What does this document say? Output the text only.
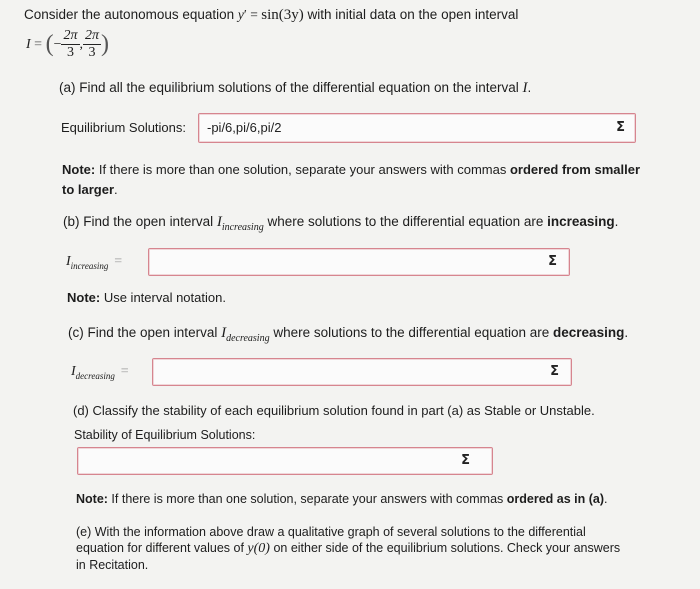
Consider the autonomous equation y′ = sin(3y) with initial data on the open interval
I = (− $\frac{2\pi}{3}$ , $\frac{2\pi}{3}$ )
(a) Find all the equilibrium solutions of the differential equation on the interval I.
Equilibrium Solutions: -pi/6,pi/6,pi/2	Σ
Note: If there is more than one solution, separate your answers with commas ordered from smaller
to larger.
(b) Find the open interval $I_{increasing}$ where solutions to the differential equation are increasing.
$I_{increasing}$ =	Σ
Note: Use interval notation.
(c) Find the open interval $I_{decreasing}$ where solutions to the differential equation are decreasing.
$I_{decreasing}$ =	Σ
(d) Classify the stability of each equilibrium solution found in part (a) as Stable or Unstable.
Stability of Equilibrium Solutions:
Σ
Note: If there is more than one solution, separate your answers with commas ordered as in (a).
(e) With the information above draw a qualitative graph of several solutions to the differential
equation for different values of y(0) on either side of the equilibrium solutions. Check your answers
in Recitation.
